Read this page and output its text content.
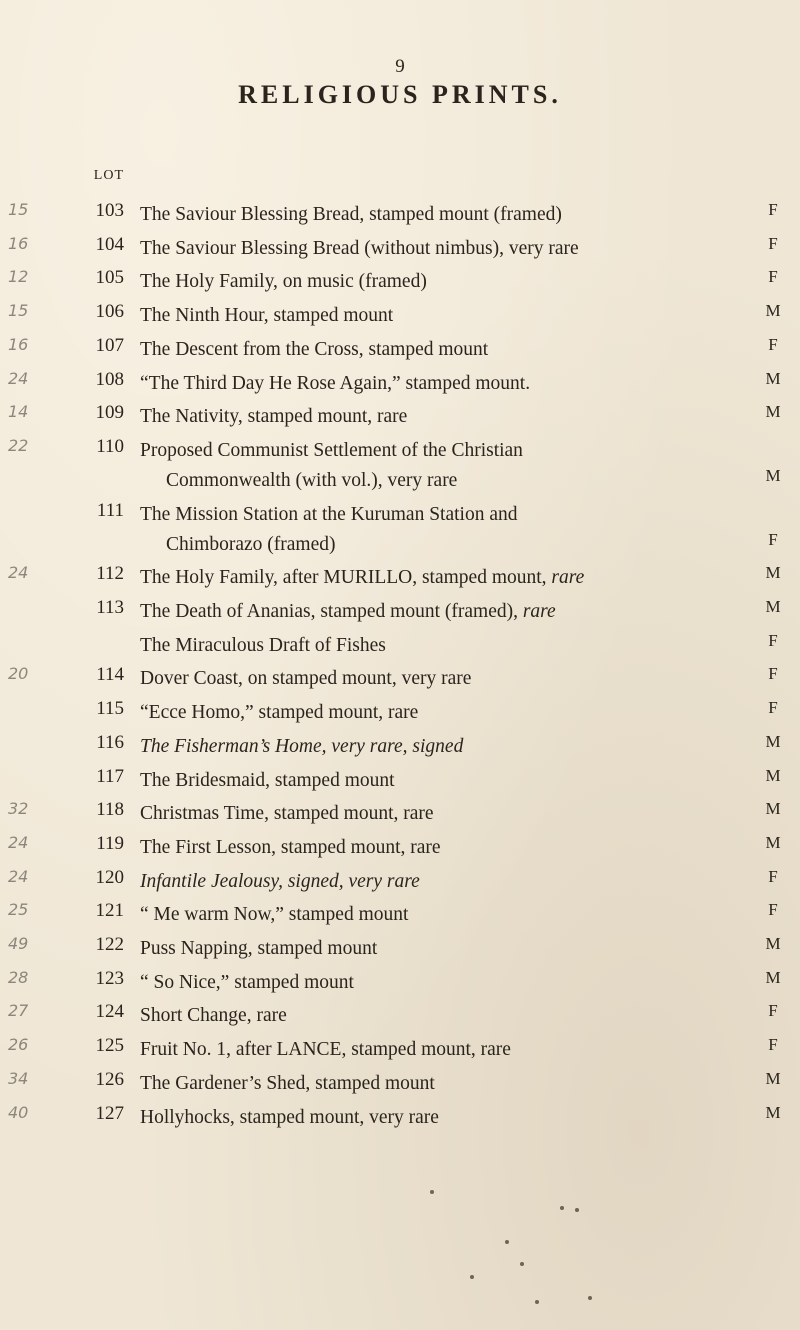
9
RELIGIOUS PRINTS.
LOT
15	103 The Saviour Blessing Bread, stamped mount (framed)	F
16	104 The Saviour Blessing Bread (without nimbus), very rare	F
12	105 The Holy Family, on music (framed)	F
15	106 The Ninth Hour, stamped mount	M
16	107 The Descent from the Cross, stamped mount	F
24	108 “The Third Day He Rose Again,” stamped mount.	M
14	109 The Nativity, stamped mount, rare	M
22	110 Proposed Communist Settlement of the Christian
Commonwealth (with vol.), very rare	M
111 The Mission Station at the Kuruman Station and
Chimborazo (framed)	F
24	112 The Holy Family, after MURILLO, stamped mount, rare	M
113 The Death of Ananias, stamped mount (framed), rare	M
The Miraculous Draft of Fishes	F
20	114 Dover Coast, on stamped mount, very rare	F
115 “Ecce Homo,” stamped mount, rare	F
116 The Fisherman’s Home, very rare, signed	M
117 The Bridesmaid, stamped mount	M
32	118 Christmas Time, stamped mount, rare	M
24	119 The First Lesson, stamped mount, rare	M
24	120 Infantile Jealousy, signed, very rare	F
25	121 “ Me warm Now,” stamped mount	F
49	122 Puss Napping, stamped mount	M
28	123 “ So Nice,” stamped mount	M
27	124 Short Change, rare	F
26	125 Fruit No. 1, after LANCE, stamped mount, rare	F
34	126 The Gardener’s Shed, stamped mount	M
40	127 Hollyhocks, stamped mount, very rare	M
